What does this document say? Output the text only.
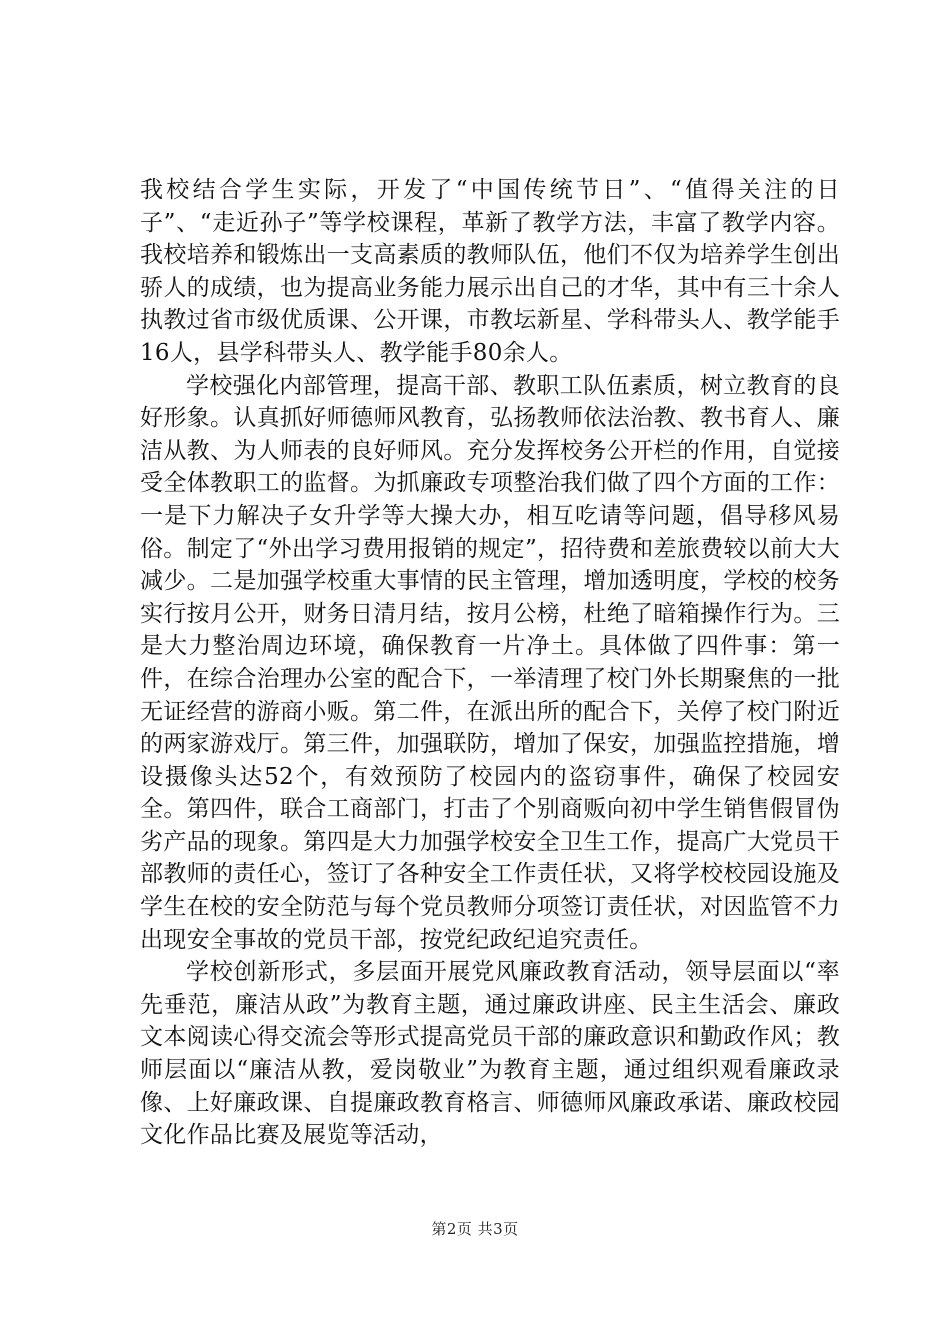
我校结合学生实际，开发了“中国传统节日”、“值得关注的日子”、“走近孙子”等学校课程，革新了教学方法，丰富了教学内容。我校培养和锻炼出一支高素质的教师队伍，他们不仅为培养学生创出骄人的成绩，也为提高业务能力展示出自己的才华，其中有三十余人执教过省市级优质课、公开课，市教坛新星、学科带头人、教学能手16人，县学科带头人、教学能手80余人。

学校强化内部管理，提高干部、教职工队伍素质，树立教育的良好形象。认真抓好师德师风教育，弘扬教师依法治教、教书育人、廉洁从教、为人师表的良好师风。充分发挥校务公开栏的作用，自觉接受全体教职工的监督。为抓廉政专项整治我们做了四个方面的工作：一是下力解决子女升学等大操大办，相互吃请等问题，倡导移风易俗。制定了“外出学习费用报销的规定”，招待费和差旅费较以前大大减少。二是加强学校重大事情的民主管理，增加透明度，学校的校务实行按月公开，财务日清月结，按月公榜，杜绝了暗箱操作行为。三是大力整治周边环境，确保教育一片净土。具体做了四件事：第一件，在综合治理办公室的配合下，一举清理了校门外长期聚焦的一批无证经营的游商小贩。第二件，在派出所的配合下，关停了校门附近的两家游戏厅。第三件，加强联防，增加了保安，加强监控措施，增设摄像头达52个，有效预防了校园内的盗窃事件，确保了校园安全。第四件，联合工商部门，打击了个别商贩向初中学生销售假冒伪劣产品的现象。第四是大力加强学校安全卫生工作，提高广大党员干部教师的责任心，签订了各种安全工作责任状，又将学校校园设施及学生在校的安全防范与每个党员教师分项签订责任状，对因监管不力出现安全事故的党员干部，按党纪政纪追究责任。

学校创新形式，多层面开展党风廉政教育活动，领导层面以“率先垂范，廉洁从政”为教育主题，通过廉政讲座、民主生活会、廉政文本阅读心得交流会等形式提高党员干部的廉政意识和勤政作风；教师层面以“廉洁从教，爱岗敬业”为教育主题，通过组织观看廉政录像、上好廉政课、自提廉政教育格言、师德师风廉政承诺、廉政校园文化作品比赛及展览等活动，

第2页 共3页
